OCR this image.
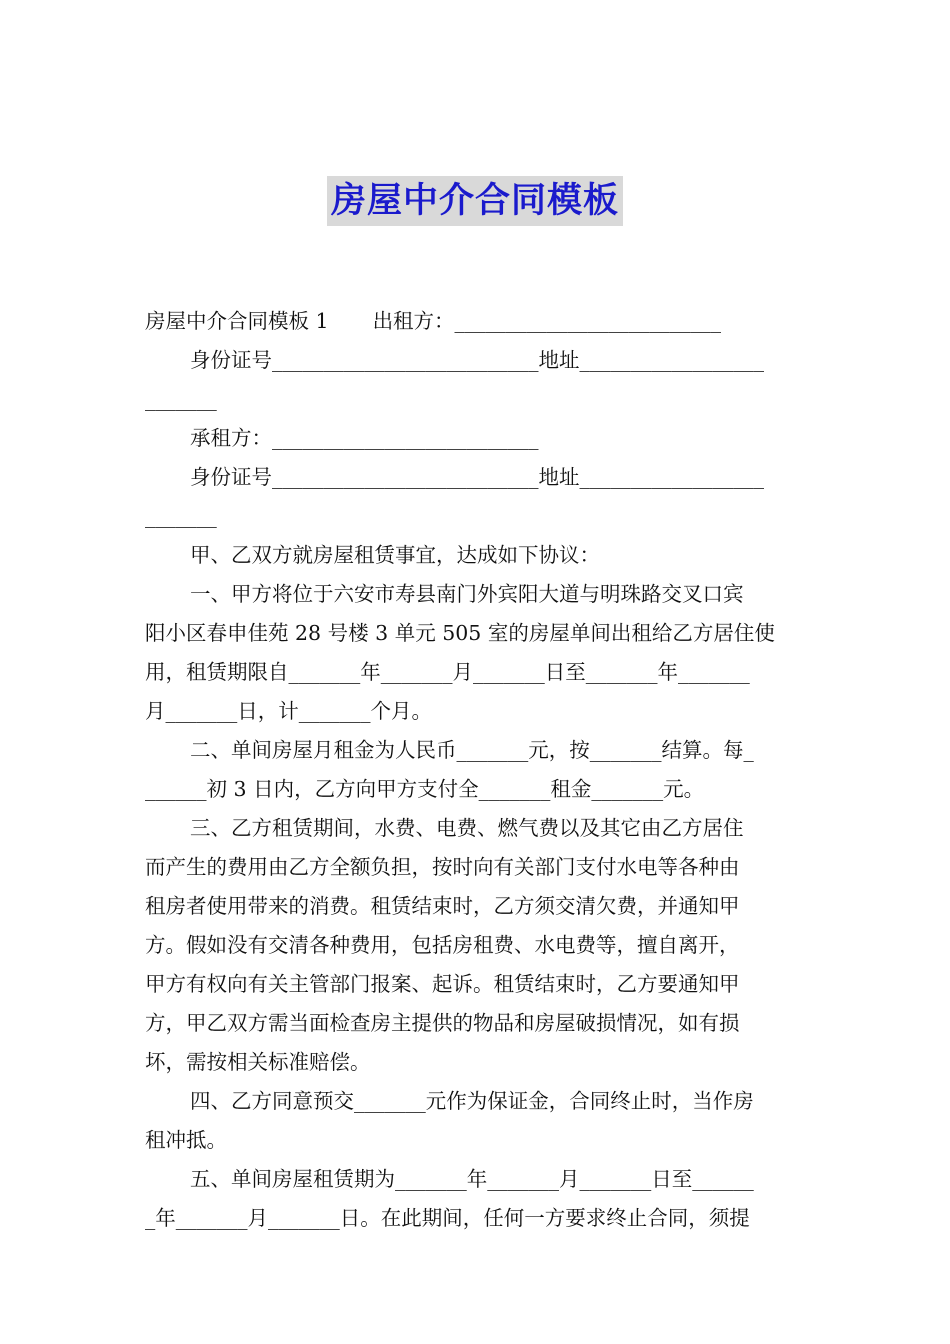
房屋中介合同模板

房屋中介合同模板 1 出租方：__________________________

身份证号__________________________地址__________________

_______

承租方：__________________________

身份证号__________________________地址__________________

_______

甲、乙双方就房屋租赁事宜，达成如下协议：

一、甲方将位于六安市寿县南门外宾阳大道与明珠路交叉口宾

阳小区春申佳苑 28 号楼 3 单元 505 室的房屋单间出租给乙方居住使

用，租赁期限自_______年_______月_______日至_______年_______

月_______日，计_______个月。

二、单间房屋月租金为人民币_______元，按_______结算。每_

______初 3 日内，乙方向甲方支付全_______租金_______元。

三、乙方租赁期间，水费、电费、燃气费以及其它由乙方居住

而产生的费用由乙方全额负担，按时向有关部门支付水电等各种由

租房者使用带来的消费。租赁结束时，乙方须交清欠费，并通知甲

方。假如没有交清各种费用，包括房租费、水电费等，擅自离开，

甲方有权向有关主管部门报案、起诉。租赁结束时，乙方要通知甲

方，甲乙双方需当面检查房主提供的物品和房屋破损情况，如有损

坏，需按相关标准赔偿。

四、乙方同意预交_______元作为保证金，合同终止时，当作房

租冲抵。

五、单间房屋租赁期为_______年_______月_______日至______

_年_______月_______日。在此期间，任何一方要求终止合同，须提
